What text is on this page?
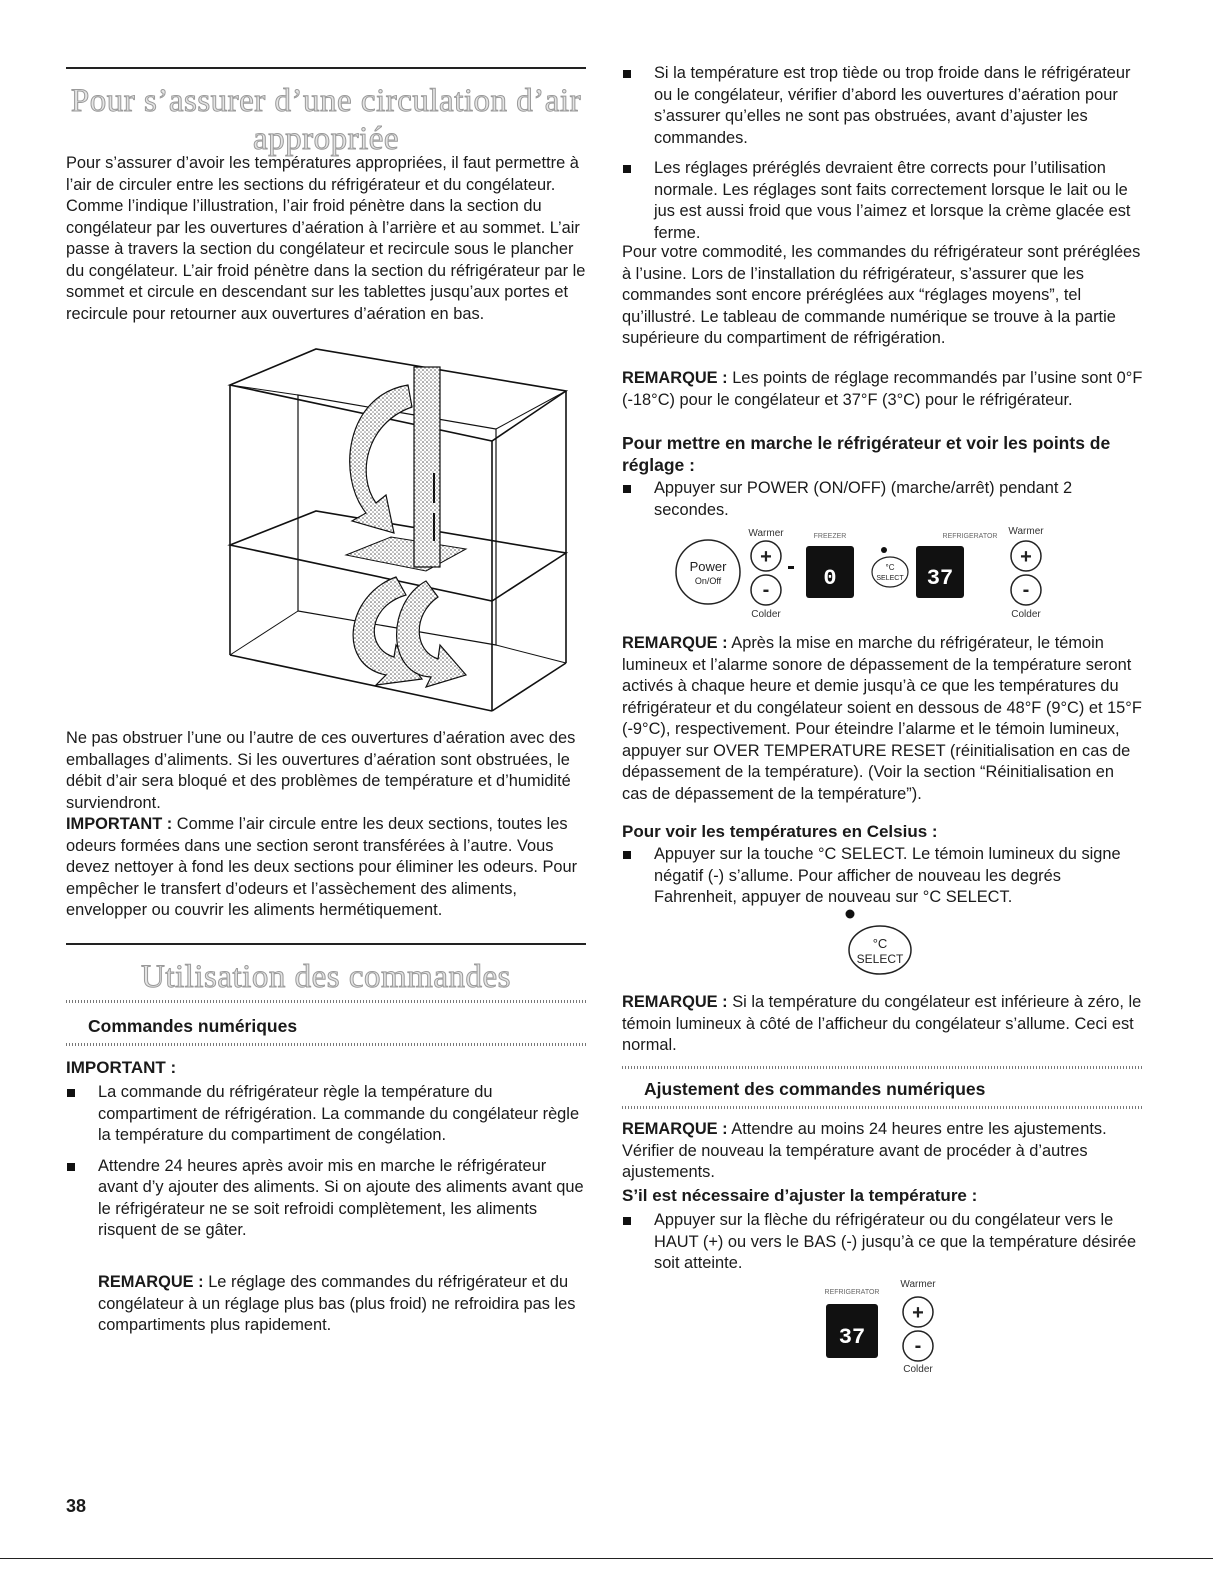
Pour s’assurer d’une circulation d’air
appropriée

Pour s’assurer d’avoir les températures appropriées, il faut permettre à l’air de circuler entre les sections du réfrigérateur et du congélateur. Comme l’indique l’illustration, l’air froid pénètre dans la section du congélateur par les ouvertures d’aération à l’arrière et au sommet. L’air passe à travers la section du congélateur et recircule sous le plancher du congélateur. L’air froid pénètre dans la section du réfrigérateur par le sommet et circule en descendant sur les tablettes jusqu’aux portes et recircule pour retourner aux ouvertures d’aération en bas.

Ne pas obstruer l’une ou l’autre de ces ouvertures d’aération avec des emballages d’aliments. Si les ouvertures d’aération sont obstruées, le débit d’air sera bloqué et des problèmes de température et d’humidité surviendront.

IMPORTANT : Comme l’air circule entre les deux sections, toutes les odeurs formées dans une section seront transférées à l’autre. Vous devez nettoyer à fond les deux sections pour éliminer les odeurs. Pour empêcher le transfert d’odeurs et l’assèchement des aliments, envelopper ou couvrir les aliments hermétiquement.

Utilisation des commandes
Commandes numériques
IMPORTANT :
La commande du réfrigérateur règle la température du compartiment de réfrigération. La commande du congélateur règle la température du compartiment de congélation.
Attendre 24 heures après avoir mis en marche le réfrigérateur avant d’y ajouter des aliments. Si on ajoute des aliments avant que le réfrigérateur ne se soit refroidi complètement, les aliments risquent de se gâter.

REMARQUE : Le réglage des commandes du réfrigérateur et du congélateur à un réglage plus bas (plus froid) ne refroidira pas les compartiments plus rapidement.

Si la température est trop tiède ou trop froide dans le réfrigérateur ou le congélateur, vérifier d’abord les ouvertures d’aération pour s’assurer qu’elles ne sont pas obstruées, avant d’ajuster les commandes.
Les réglages préréglés devraient être corrects pour l’utilisation normale. Les réglages sont faits correctement lorsque le lait ou le jus est aussi froid que vous l’aimez et lorsque la crème glacée est ferme.

Pour votre commodité, les commandes du réfrigérateur sont préréglées à l’usine. Lors de l’installation du réfrigérateur, s’assurer que les commandes sont encore préréglées aux “réglages moyens”, tel qu’illustré. Le tableau de commande numérique se trouve à la partie supérieure du compartiment de réfrigération.

REMARQUE : Les points de réglage recommandés par l’usine sont 0°F (-18°C) pour le congélateur et 37°F (3°C) pour le réfrigérateur.

Pour mettre en marche le réfrigérateur et voir les points de réglage :
Appuyer sur POWER (ON/OFF) (marche/arrêt) pendant 2 secondes.
Power
On/Off
Warmer
Colder
+
-
FREEZER
0	°C
SELECT
REFRIGERATOR
37
Warmer
Colder
+
-

REMARQUE : Après la mise en marche du réfrigérateur, le témoin lumineux et l’alarme sonore de dépassement de la température seront activés à chaque heure et demie jusqu’à ce que les températures du réfrigérateur et du congélateur soient en dessous de 48°F (9°C) et 15°F (-9°C), respectivement. Pour éteindre l’alarme et le témoin lumineux, appuyer sur OVER TEMPERATURE RESET (réinitialisation en cas de dépassement de la température). (Voir la section “Réinitialisation en cas de dépassement de la température”).

Pour voir les températures en Celsius :
Appuyer sur la touche °C SELECT. Le témoin lumineux du signe négatif (-) s’allume. Pour afficher de nouveau les degrés Fahrenheit, appuyer de nouveau sur °C SELECT.
°C
SELECT

REMARQUE : Si la température du congélateur est inférieure à zéro, le témoin lumineux à côté de l’afficheur du congélateur s’allume. Ceci est normal.

Ajustement des commandes numériques

REMARQUE : Attendre au moins 24 heures entre les ajustements. Vérifier de nouveau la température avant de procéder à d’autres ajustements.

S’il est nécessaire d’ajuster la température :
Appuyer sur la flèche du réfrigérateur ou du congélateur vers le HAUT (+) ou vers le BAS (-) jusqu’à ce que la température désirée soit atteinte.
REFRIGERATOR
37
Warmer
Colder
+
-
38
